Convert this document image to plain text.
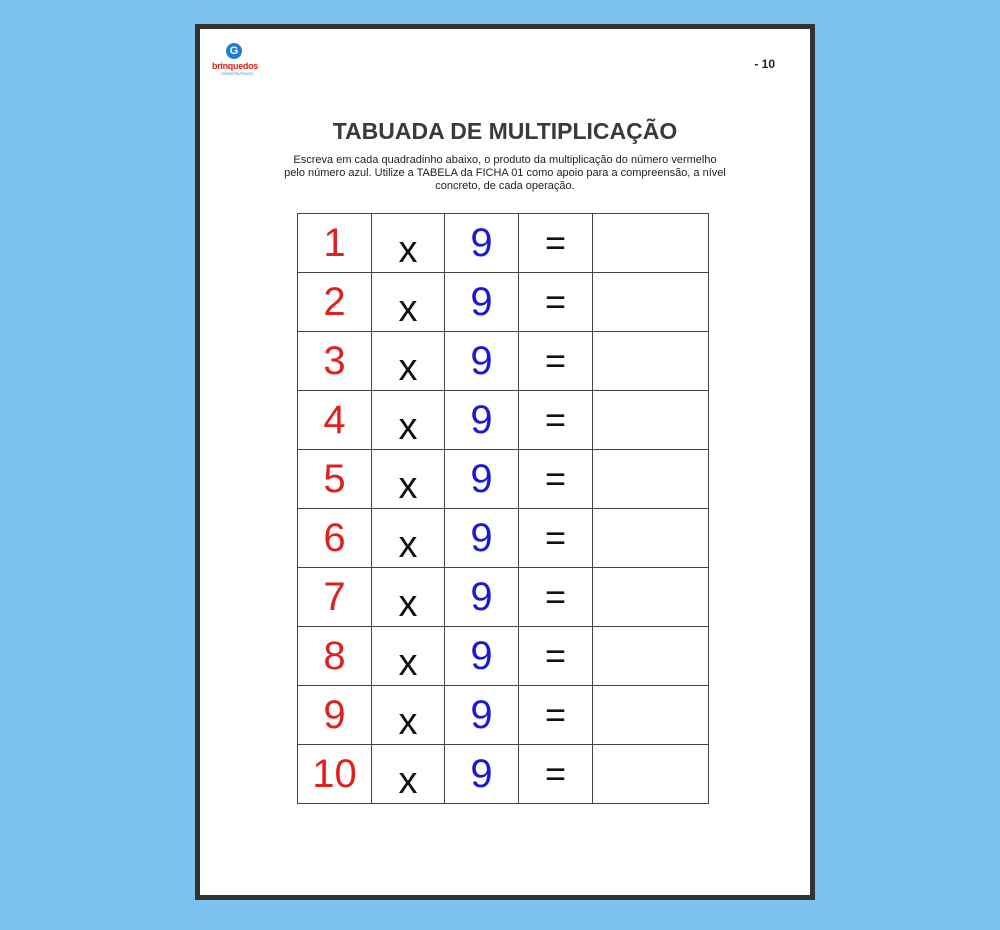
G
brinquedos
CONSTRUTIVOS
- 10
TABUADA DE MULTIPLICAÇÃO

Escreva em cada quadradinho abaixo, o produto da multiplicação do número vermelho
pelo número azul. Utilize a TABELA da FICHA 01 como apoio para a compreensão, a nível
concreto, de cada operação.

1	x	9	=	
2	x	9	=	
3	x	9	=	
4	x	9	=	
5	x	9	=	
6	x	9	=	
7	x	9	=	
8	x	9	=	
9	x	9	=	
10	x	9	=	
